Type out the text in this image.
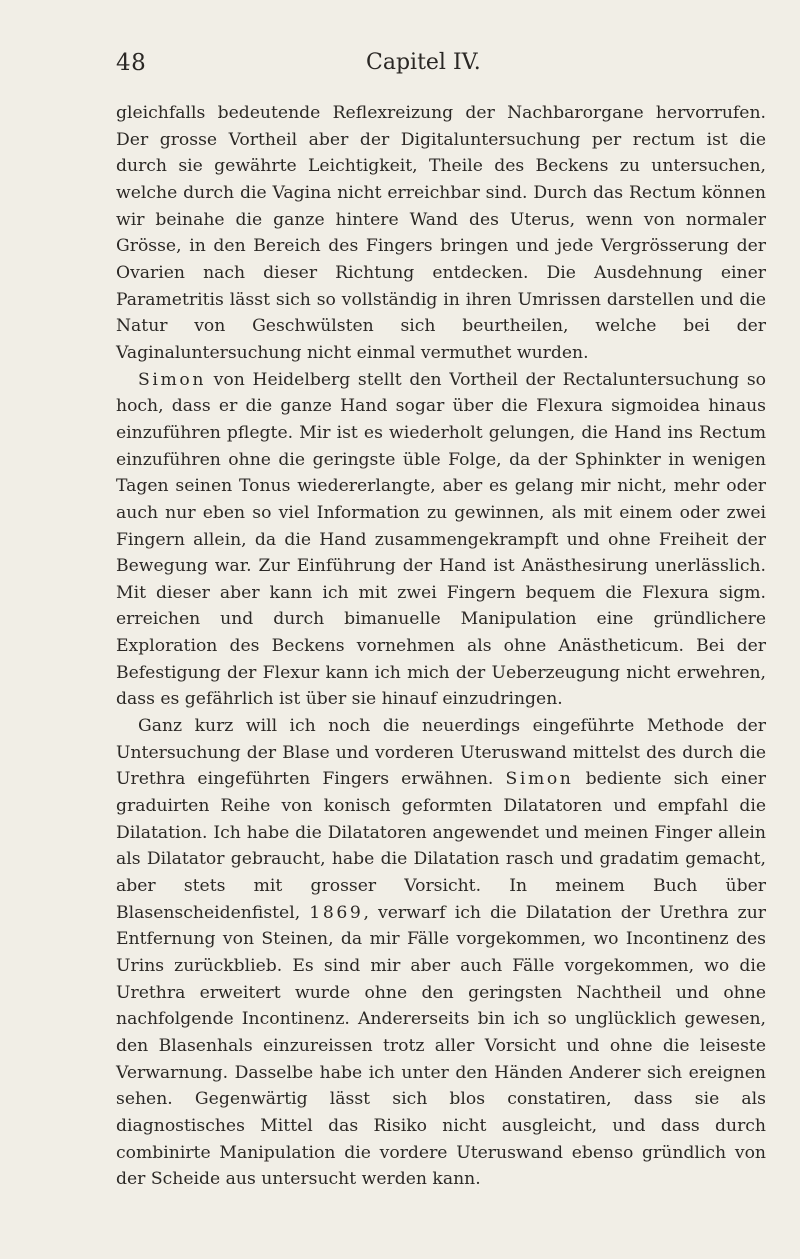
48	Capitel IV.

gleichfalls bedeutende Reflexreizung der Nachbarorgane hervorrufen. Der grosse Vortheil aber der Digitaluntersuchung per rectum ist die durch sie gewährte Leichtigkeit, Theile des Beckens zu untersuchen, welche durch die Vagina nicht erreichbar sind. Durch das Rectum können wir beinahe die ganze hintere Wand des Uterus, wenn von normaler Grösse, in den Bereich des Fingers bringen und jede Vergrösserung der Ovarien nach dieser Richtung entdecken. Die Ausdehnung einer Parametritis lässt sich so vollständig in ihren Umrissen darstellen und die Natur von Geschwülsten sich beurtheilen, welche bei der Vaginaluntersuchung nicht einmal vermuthet wurden.

Simon von Heidelberg stellt den Vortheil der Rectaluntersuchung so hoch, dass er die ganze Hand sogar über die Flexura sigmoidea hinaus einzuführen pflegte. Mir ist es wiederholt gelungen, die Hand ins Rectum einzuführen ohne die geringste üble Folge, da der Sphinkter in wenigen Tagen seinen Tonus wiedererlangte, aber es gelang mir nicht, mehr oder auch nur eben so viel Information zu gewinnen, als mit einem oder zwei Fingern allein, da die Hand zusammengekrampft und ohne Freiheit der Bewegung war. Zur Einführung der Hand ist Anästhesirung unerlässlich. Mit dieser aber kann ich mit zwei Fingern bequem die Flexura sigm. erreichen und durch bimanuelle Manipulation eine gründlichere Exploration des Beckens vornehmen als ohne Anästheticum. Bei der Befestigung der Flexur kann ich mich der Ueberzeugung nicht erwehren, dass es gefährlich ist über sie hinauf einzudringen.

Ganz kurz will ich noch die neuerdings eingeführte Methode der Untersuchung der Blase und vorderen Uteruswand mittelst des durch die Urethra eingeführten Fingers erwähnen. Simon bediente sich einer graduirten Reihe von konisch geformten Dilatatoren und empfahl die Dilatation. Ich habe die Dilatatoren angewendet und meinen Finger allein als Dilatator gebraucht, habe die Dilatation rasch und gradatim gemacht, aber stets mit grosser Vorsicht. In meinem Buch über Blasenscheidenfistel, 1869, verwarf ich die Dilatation der Urethra zur Entfernung von Steinen, da mir Fälle vorgekommen, wo Incontinenz des Urins zurückblieb. Es sind mir aber auch Fälle vorgekommen, wo die Urethra erweitert wurde ohne den geringsten Nachtheil und ohne nachfolgende Incontinenz. Andererseits bin ich so unglücklich gewesen, den Blasenhals einzureissen trotz aller Vorsicht und ohne die leiseste Verwarnung. Dasselbe habe ich unter den Händen Anderer sich ereignen sehen. Gegenwärtig lässt sich blos constatiren, dass sie als diagnostisches Mittel das Risiko nicht ausgleicht, und dass durch combinirte Manipulation die vordere Uteruswand ebenso gründlich von der Scheide aus untersucht werden kann.
